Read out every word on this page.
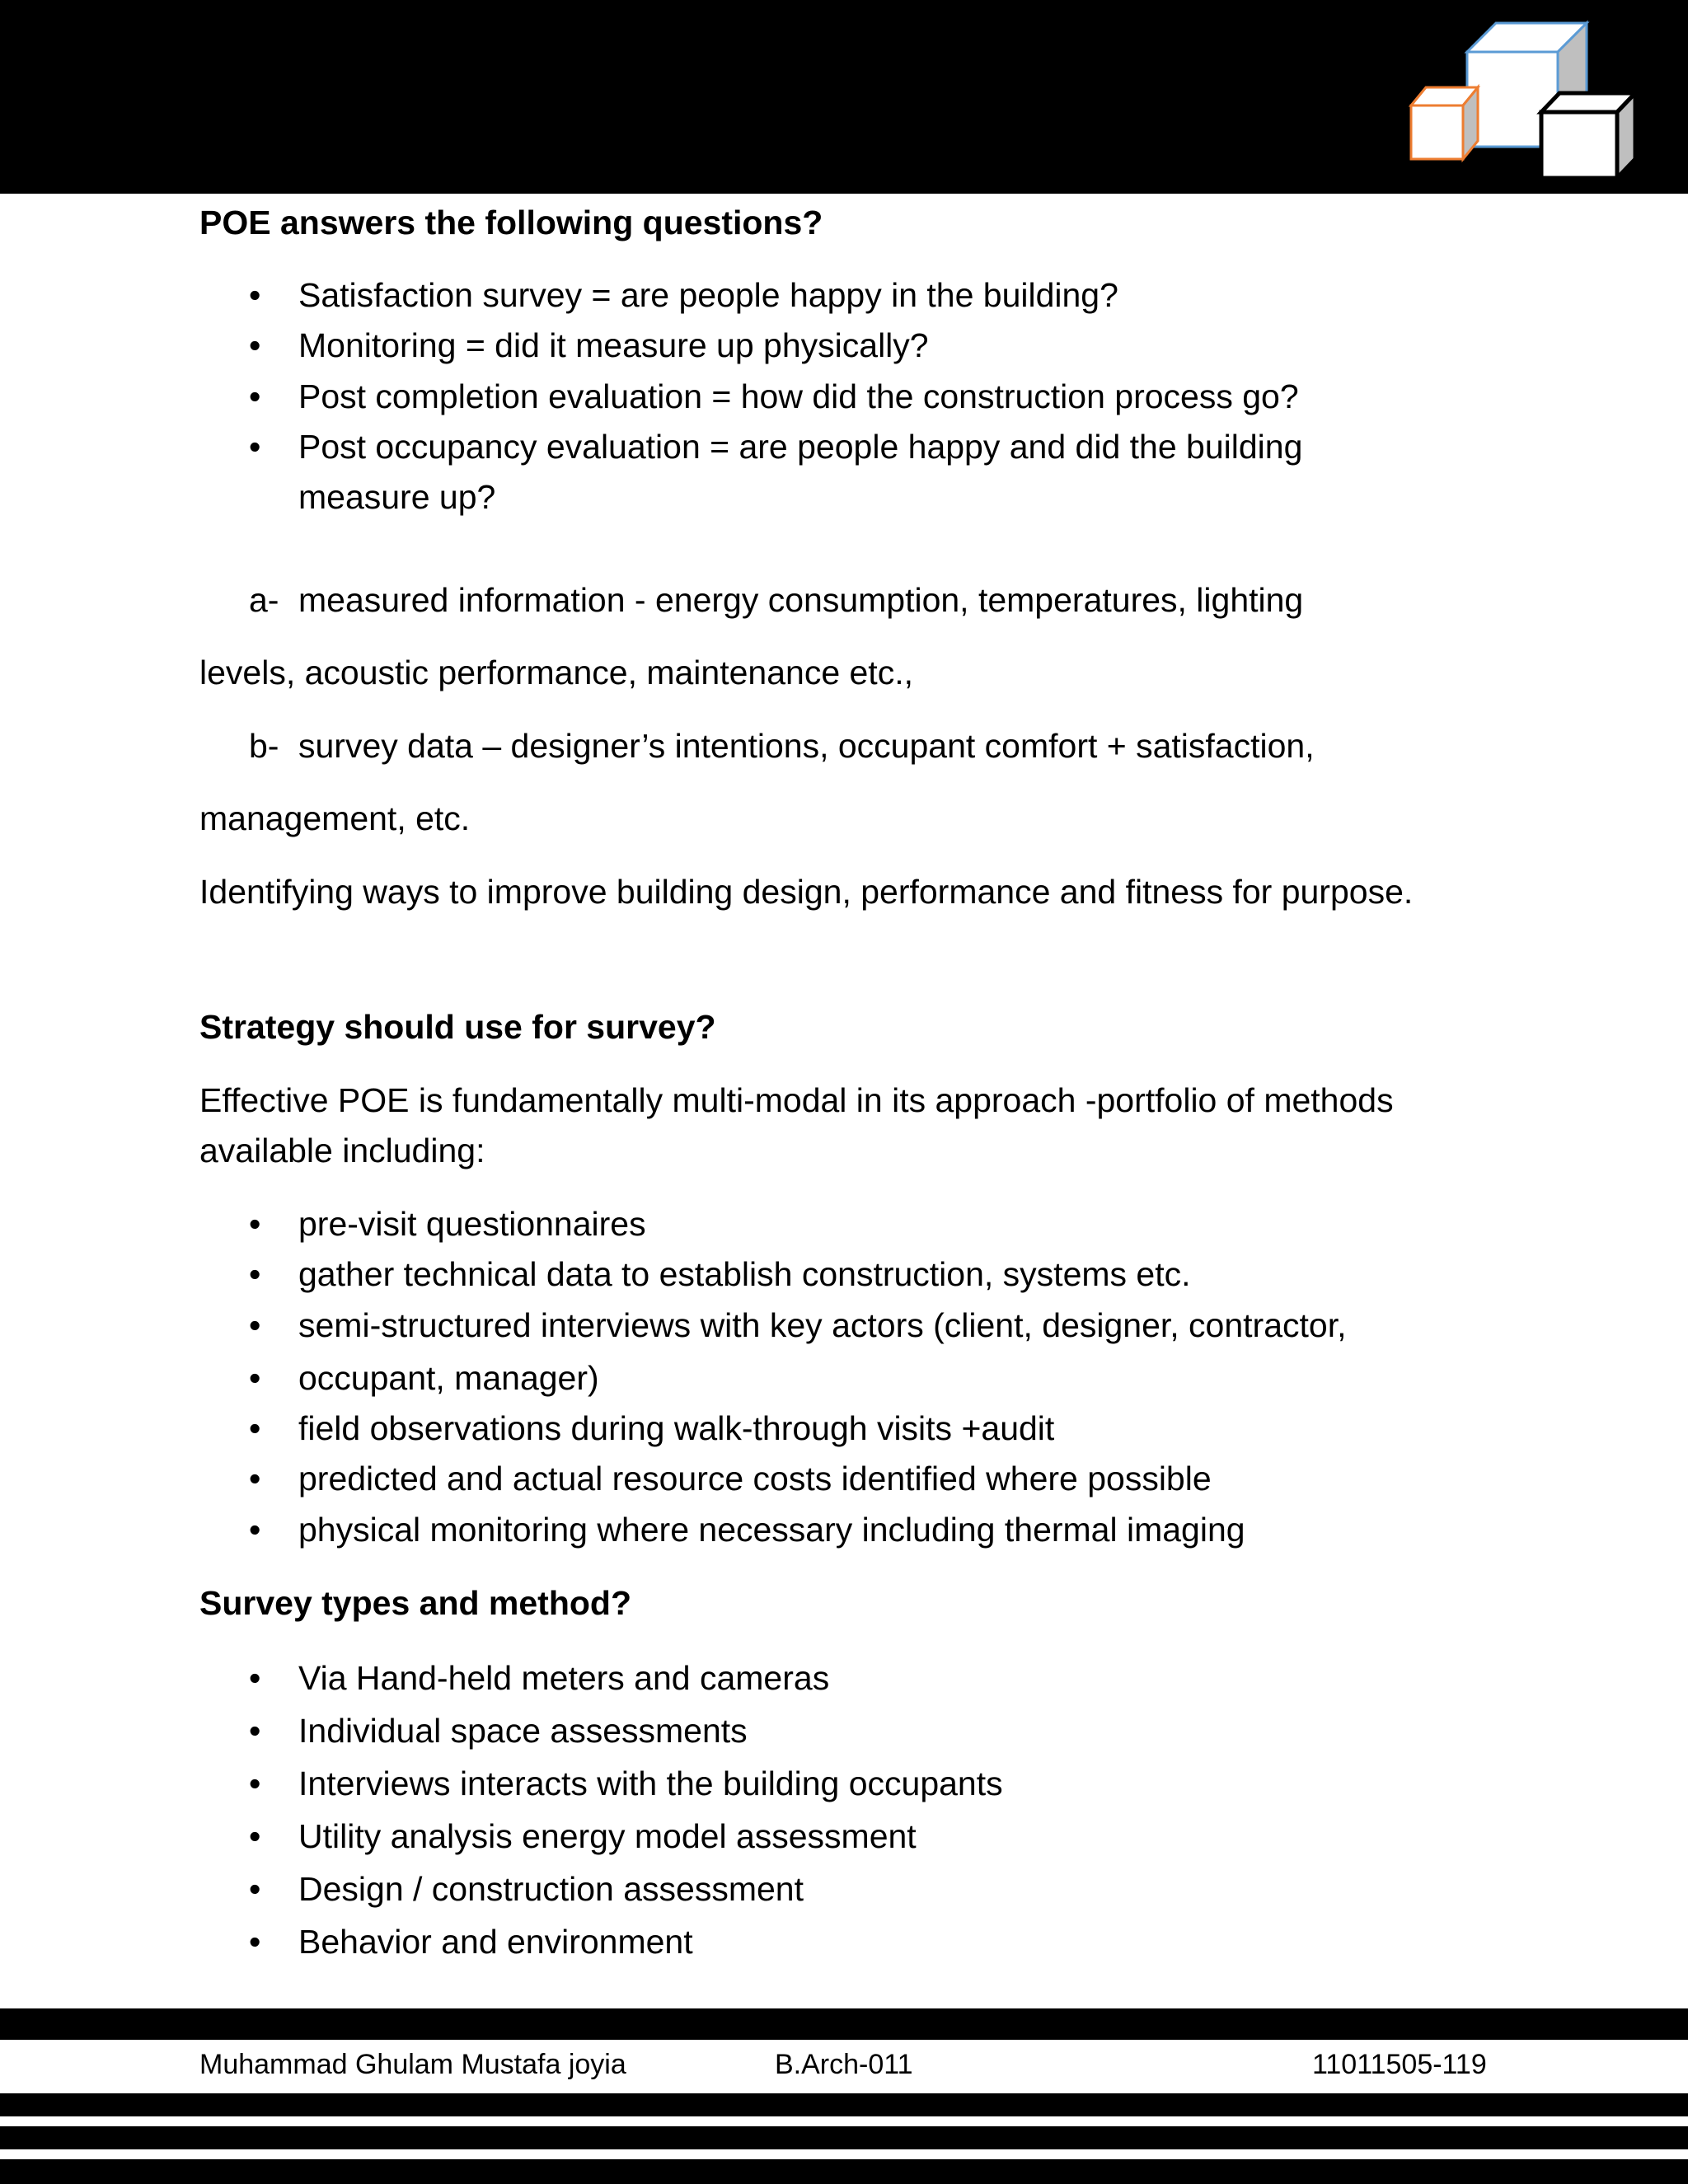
POE answers the following questions?
• Satisfaction survey = are people happy in the building?
• Monitoring = did it measure up physically?
• Post completion evaluation = how did the construction process go?
• Post occupancy evaluation = are people happy and did the building
measure up?
a- measured information - energy consumption, temperatures, lighting
levels, acoustic performance, maintenance etc.,
b- survey data – designer’s intentions, occupant comfort + satisfaction,
management, etc.
Identifying ways to improve building design, performance and fitness for purpose.
Strategy should use for survey?
Effective POE is fundamentally multi-modal in its approach -portfolio of methods
available including:
• pre-visit questionnaires
• gather technical data to establish construction, systems etc.
• semi-structured interviews with key actors (client, designer, contractor,
• occupant, manager)
• field observations during walk-through visits +audit
• predicted and actual resource costs identified where possible
• physical monitoring where necessary including thermal imaging
Survey types and method?
• Via Hand-held meters and cameras
• Individual space assessments
• Interviews interacts with the building occupants
• Utility analysis energy model assessment
• Design / construction assessment
• Behavior and environment
Muhammad Ghulam Mustafa joyia	B.Arch-011	11011505-119
